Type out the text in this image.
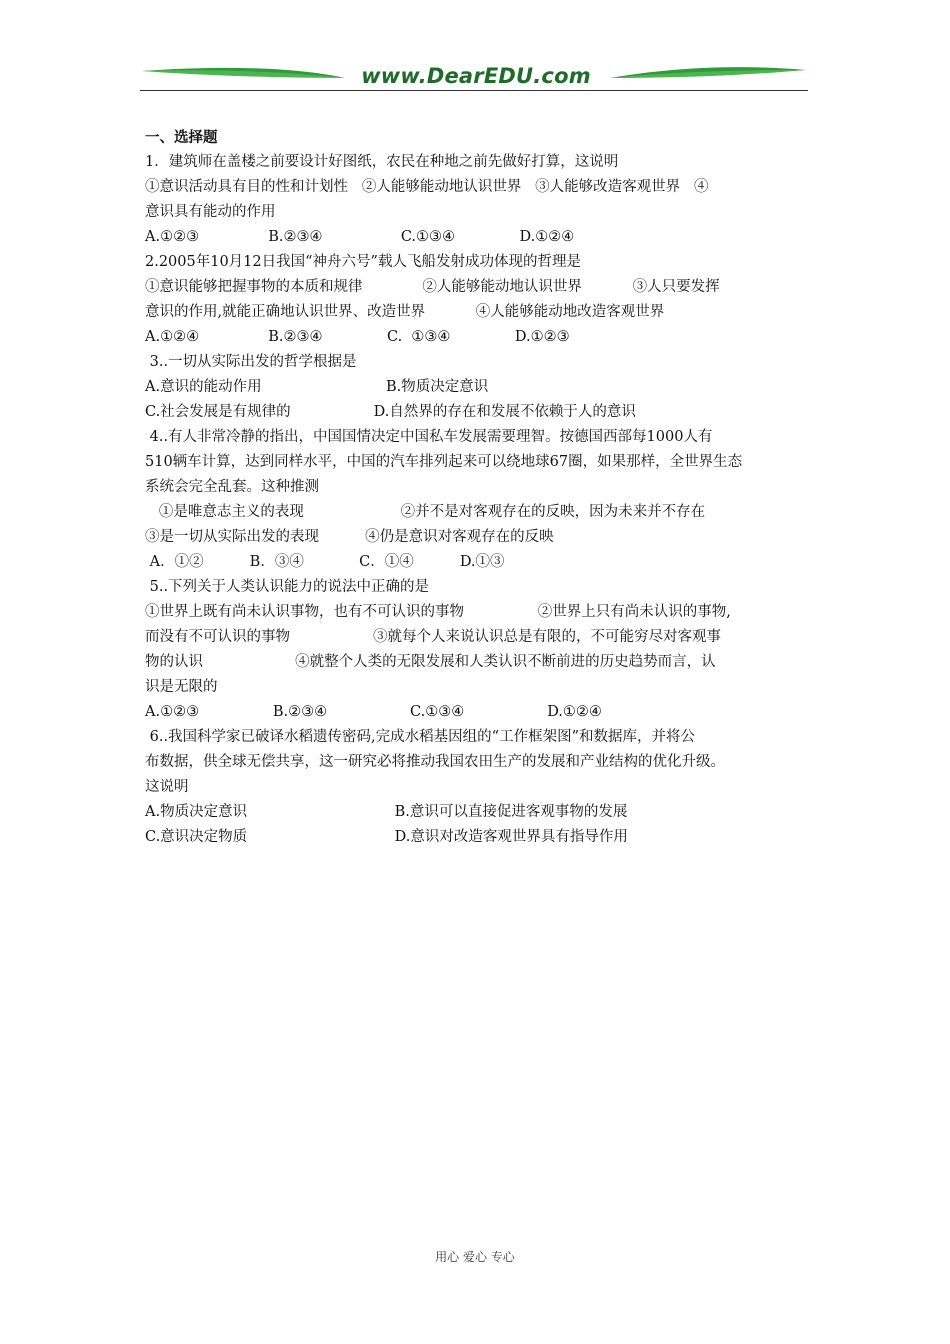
www.DearEDU.com
一、选择题
1．建筑师在盖楼之前要设计好图纸，农民在种地之前先做好打算，这说明
①意识活动具有目的性和计划性   ②人能够能动地认识世界   ③人能够改造客观世界   ④
意识具有能动的作用
A.①②③               B.②③④                 C.①③④              D.①②④
2.2005年10月12日我国“神舟六号”载人飞船发射成功体现的哲理是
①意识能够把握事物的本质和规律             ②人能够能动地认识世界           ③人只要发挥
意识的作用,就能正确地认识世界、改造世界           ④人能够能动地改造客观世界
A.①②④               B.②③④              C.  ①③④              D.①②③
3..一切从实际出发的哲学根据是
A.意识的能动作用                           B.物质决定意识
C.社会发展是有规律的                  D.自然界的存在和发展不依赖于人的意识
4..有人非常冷静的指出，中国国情决定中国私车发展需要理智。按德国西部每1000人有
510辆车计算，达到同样水平，中国的汽车排列起来可以绕地球67圈，如果那样，全世界生态
系统会完全乱套。这种推测
①是唯意志主义的表现                     ②并不是对客观存在的反映，因为未来并不存在
③是一切从实际出发的表现          ④仍是意识对客观存在的反映
A．①②          B．③④            C．①④          D.①③
5..下列关于人类认识能力的说法中正确的是
①世界上既有尚未认识事物，也有不可认识的事物                ②世界上只有尚未认识的事物,
而没有不可认识的事物                  ③就每个人来说认识总是有限的，不可能穷尽对客观事
物的认识                    ④就整个人类的无限发展和人类认识不断前进的历史趋势而言，认
识是无限的
A.①②③                B.②③④                  C.①③④                  D.①②④
6..我国科学家已破译水稻遗传密码,完成水稻基因组的“工作框架图”和数据库，并将公
布数据，供全球无偿共享，这一研究必将推动我国农田生产的发展和产业结构的优化升级。
这说明
A.物质决定意识                                B.意识可以直接促进客观事物的发展
C.意识决定物质                                D.意识对改造客观世界具有指导作用
用心 爱心 专心
